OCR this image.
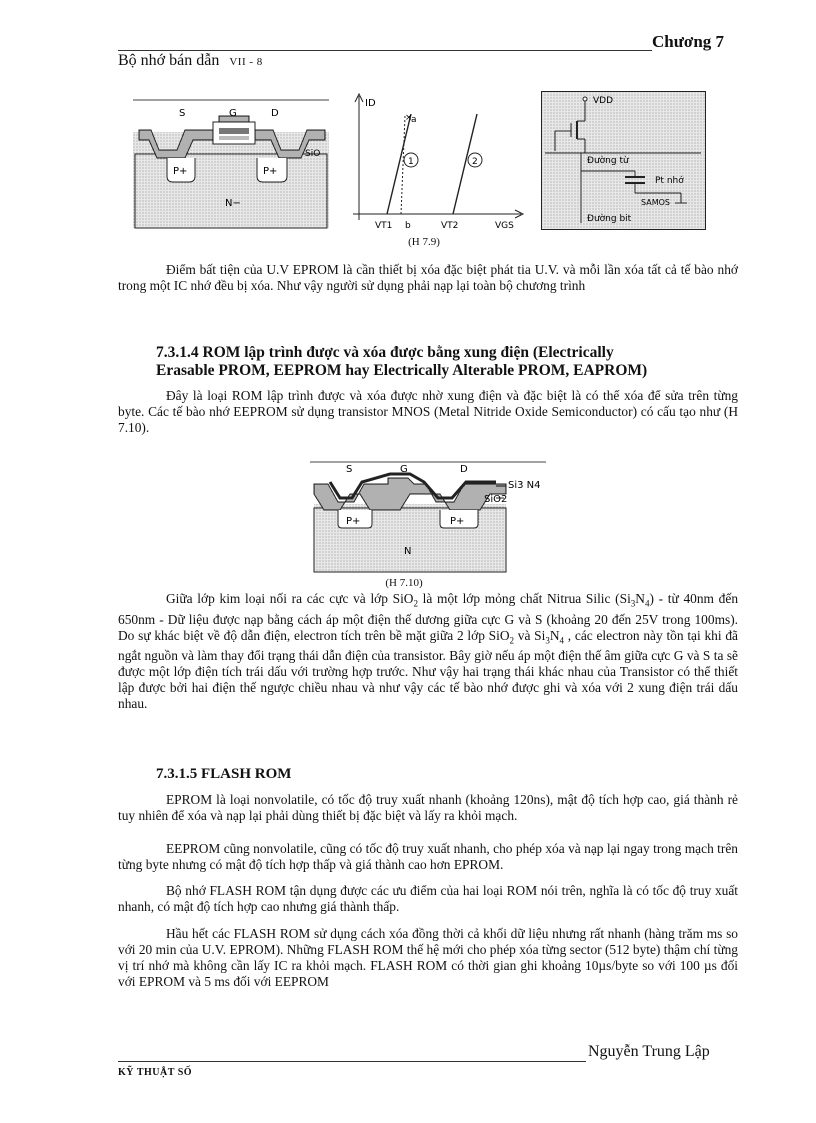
Chương 7
Bộ nhớ bán dẫn VII - 8
S	G	D
P+	P+
N−
SiO
×
1	2
ID
a
VT1 b	VT2	VGS
VDD
Đường từ
Pt nhớ
SAMOS
Đường bit
(H 7.9)

Điểm bất tiện của U.V EPROM là cần thiết bị xóa đặc biệt phát tia U.V. và mỗi lần xóa tất cả tế bào nhớ trong một IC nhớ đều bị xóa. Như vậy người sử dụng phải nạp lại toàn bộ chương trình

7.3.1.4 ROM lập trình được và xóa được bằng xung điện (Electrically
Erasable PROM, EEPROM hay Electrically Alterable PROM, EAPROM)

Đây là loại ROM lập trình được và xóa được nhờ xung điện và đặc biệt là có thể xóa để sửa trên từng byte. Các tế bào nhớ EEPROM sử dụng transistor MNOS (Metal Nitride Oxide Semiconductor) có cấu tạo như (H 7.10).

S	G	D
Si3 N4
SiO2
P+	P+
N
(H 7.10)

Giữa lớp kim loại nối ra các cực và lớp SiO$_2$ là một lớp mỏng chất Nitrua Silic $(Si_3N_4)$ - từ 40nm đến 650nm - Dữ liệu được nạp bằng cách áp một điện thế dương giữa cực G và S (khoảng 20 đến 25V trong 100ms). Do sự khác biệt về độ dẫn điện, electron tích trên bề mặt giữa 2 lớp SiO$_2$ và $Si_3N_4$ , các electron này tồn tại khi đã ngắt nguồn và làm thay đổi trạng thái dẫn điện của transistor. Bây giờ nếu áp một điện thế âm giữa cực G và S ta sẽ được một lớp điện tích trái dấu với trường hợp trước. Như vậy hai trạng thái khác nhau của Transistor có thể thiết lập được bởi hai điện thế ngược chiều nhau và như vậy các tế bào nhớ được ghi và xóa với 2 xung điện trái dấu nhau.

7.3.1.5 FLASH ROM

EPROM là loại nonvolatile, có tốc độ truy xuất nhanh (khoảng 120ns), mật độ tích hợp cao, giá thành rẻ tuy nhiên để xóa và nạp lại phải dùng thiết bị đặc biệt và lấy ra khỏi mạch.

EEPROM cũng nonvolatile, cũng có tốc độ truy xuất nhanh, cho phép xóa và nạp lại ngay trong mạch trên từng byte nhưng có mật độ tích hợp thấp và giá thành cao hơn EPROM.

Bộ nhớ FLASH ROM tận dụng được các ưu điểm của hai loại ROM nói trên, nghĩa là có tốc độ truy xuất nhanh, có mật độ tích hợp cao nhưng giá thành thấp.

Hầu hết các FLASH ROM sử dụng cách xóa đồng thời cả khối dữ liệu nhưng rất nhanh (hàng trăm ms so với 20 min của U.V. EPROM). Những FLASH ROM thế hệ mới cho phép xóa từng sector (512 byte) thậm chí từng vị trí nhớ mà không cần lấy IC ra khỏi mạch. FLASH ROM có thời gian ghi khoảng 10µs/byte so với 100 µs đối với EPROM và 5 ms đối với EEPROM

Nguyễn Trung Lập
KỸ THUẬT SỐ
